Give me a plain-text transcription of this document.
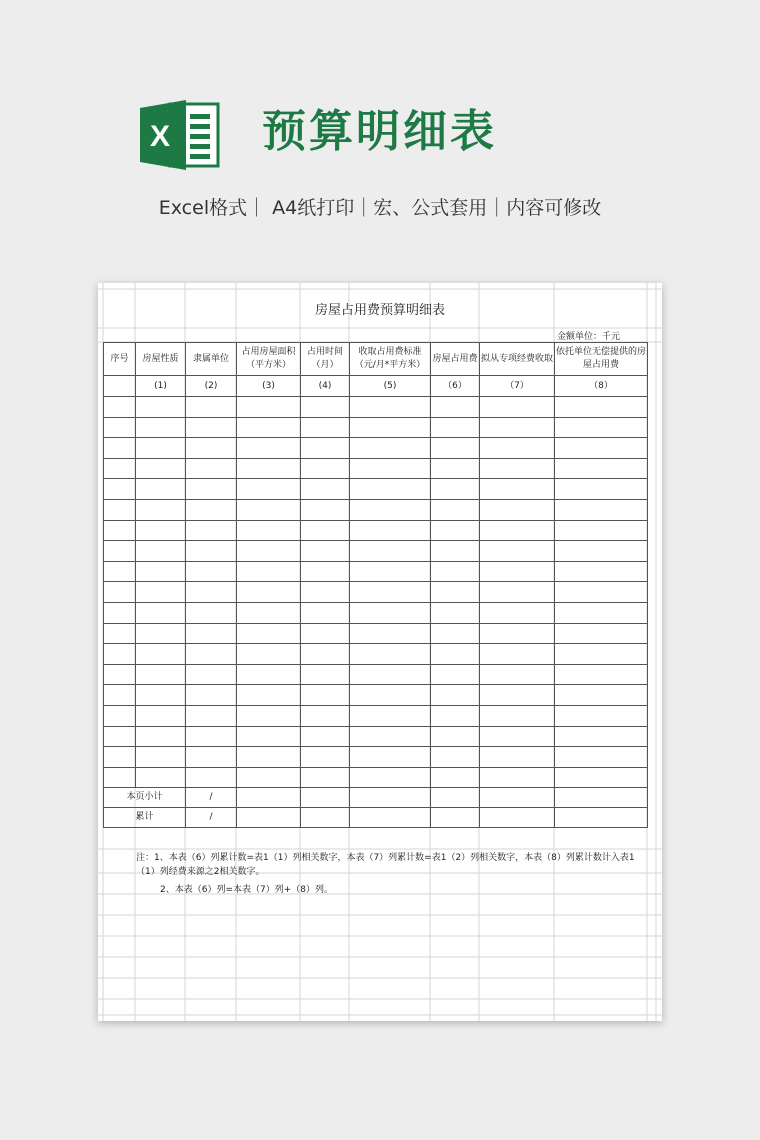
X 预算明细表
Excel格式｜ A4纸打印｜宏、公式套用｜内容可修改
房屋占用费预算明细表
金额单位：千元
序号	房屋性质	隶属单位	占用房屋面积（平方米）	占用时间（月）	收取占用费标准（元/月*平方米）	房屋占用费	拟从专项经费收取	依托单位无偿提供的房屋占用费
	(1)	(2)	(3)	(4)	(5)	（6）	（7）	（8）

本页小计		/						
累计		/						
注：1、本表（6）列累计数=表1（1）列相关数字，本表（7）列累计数=表1（2）列相关数字，本表（8）列累计数计入表1（1）列经费来源之2相关数字。
2、本表（6）列=本表（7）列+（8）列。
